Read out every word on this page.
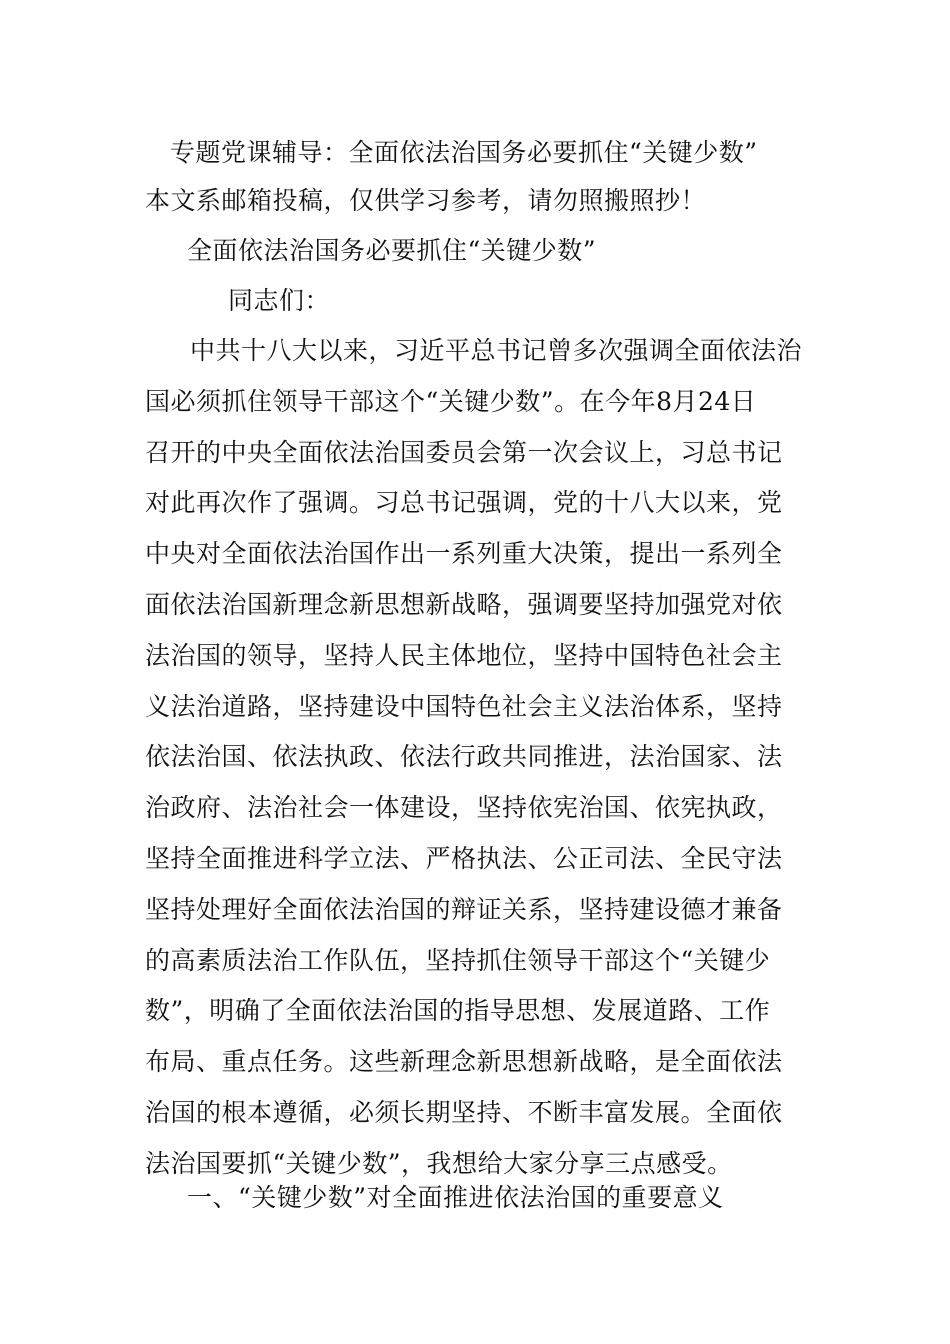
专题党课辅导：全面依法治国务必要抓住“关键少数”
本文系邮箱投稿，仅供学习参考，请勿照搬照抄！
全面依法治国务必要抓住“关键少数”
同志们：
中共十八大以来，习近平总书记曾多次强调全面依法治
国必须抓住领导干部这个“关键少数”。在今年8月24日
召开的中央全面依法治国委员会第一次会议上，习总书记
对此再次作了强调。习总书记强调，党的十八大以来，党
中央对全面依法治国作出一系列重大决策，提出一系列全
面依法治国新理念新思想新战略，强调要坚持加强党对依
法治国的领导，坚持人民主体地位，坚持中国特色社会主
义法治道路，坚持建设中国特色社会主义法治体系，坚持
依法治国、依法执政、依法行政共同推进，法治国家、法
治政府、法治社会一体建设，坚持依宪治国、依宪执政，
坚持全面推进科学立法、严格执法、公正司法、全民守法
坚持处理好全面依法治国的辩证关系，坚持建设德才兼备
的高素质法治工作队伍，坚持抓住领导干部这个“关键少
数”，明确了全面依法治国的指导思想、发展道路、工作
布局、重点任务。这些新理念新思想新战略，是全面依法
治国的根本遵循，必须长期坚持、不断丰富发展。全面依
法治国要抓“关键少数”，我想给大家分享三点感受。
一、“关键少数”对全面推进依法治国的重要意义
